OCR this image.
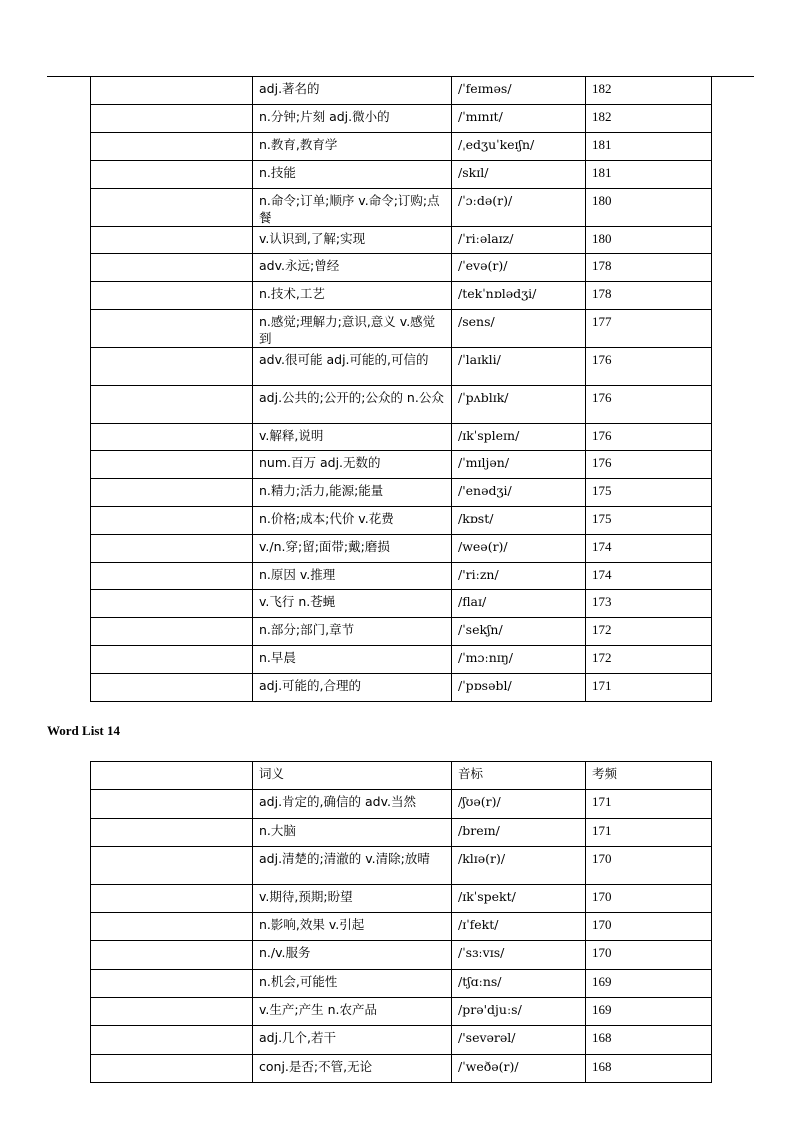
	adj.著名的	/ˈfeɪməs/	182
	n.分钟;片刻 adj.微小的	/ˈmɪnɪt/	182
	n.教育,教育学	/ˌedʒuˈkeɪʃn/	181
	n.技能	/skɪl/	181
	n.命令;订单;顺序 v.命令;订购;点餐	/ˈɔːdə(r)/	180
	v.认识到,了解;实现	/ˈriːəlaɪz/	180
	adv.永远;曾经	/ˈevə(r)/	178
	n.技术,工艺	/tekˈnɒlədʒi/	178
	n.感觉;理解力;意识,意义 v.感觉到	/sens/	177
	adv.很可能 adj.可能的,可信的	/ˈlaɪkli/	176
	adj.公共的;公开的;公众的 n.公众	/ˈpʌblɪk/	176
	v.解释,说明	/ɪkˈspleɪn/	176
	num.百万 adj.无数的	/ˈmɪljən/	176
	n.精力;活力,能源;能量	/'enədʒi/	175
	n.价格;成本;代价 v.花费	/kɒst/	175
	v./n.穿;留;面带;戴;磨损	/weə(r)/	174
	n.原因 v.推理	/'riːzn/	174
	v.飞行 n.苍蝇	/flaɪ/	173
	n.部分;部门,章节	/ˈsekʃn/	172
	n.早晨	/ˈmɔːnɪŋ/	172
	adj.可能的,合理的	/ˈpɒsəbl/	171
Word List 14
	词义	音标	考频
	adj.肯定的,确信的 adv.当然	/ʃʊə(r)/	171
	n.大脑	/breɪn/	171
	adj.清楚的;清澈的 v.清除;放晴	/klɪə(r)/	170
	v.期待,预期;盼望	/ɪkˈspekt/	170
	n.影响,效果 v.引起	/ɪˈfekt/	170
	n./v.服务	/ˈsɜːvɪs/	170
	n.机会,可能性	/tʃɑːns/	169
	v.生产;产生 n.农产品	/prə'djuːs/	169
	adj.几个,若干	/'sevərəl/	168
	conj.是否;不管,无论	/ˈweðə(r)/	168
